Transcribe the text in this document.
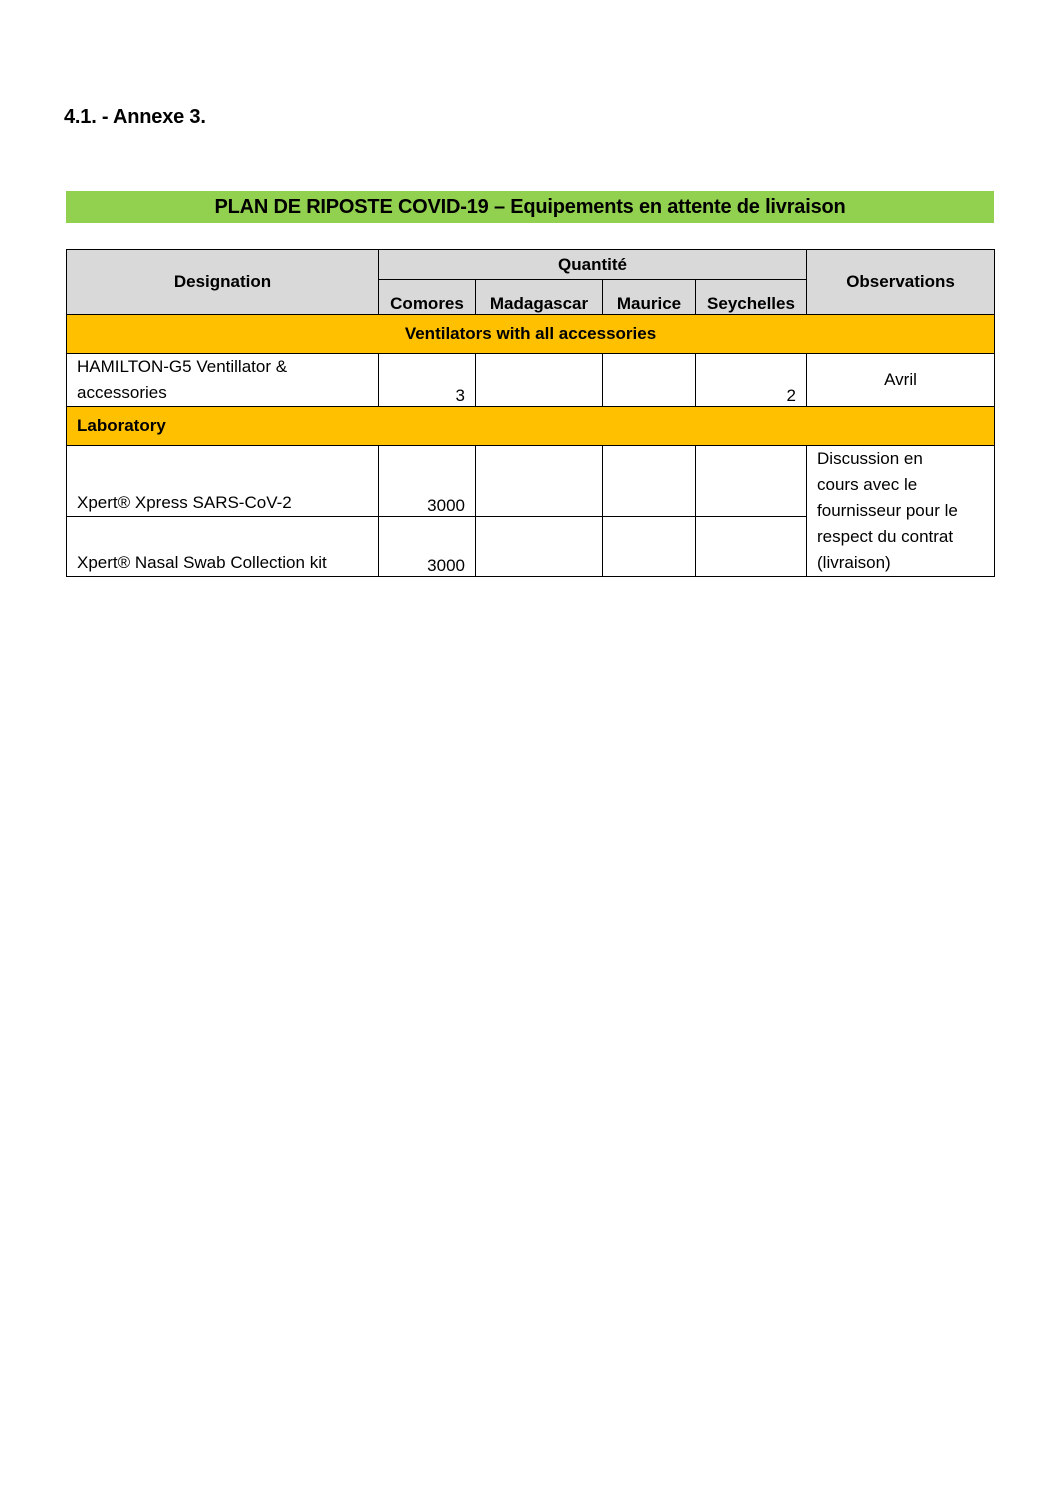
4.1. - Annexe 3.
PLAN DE RIPOSTE COVID-19 – Equipements en attente de livraison
Designation	Quantité				Observations
	Comores	Madagascar	Maurice	Seychelles	
Ventilators with all accessories					

HAMILTON-G5 Ventillator &
accessories	3			2	Avril
Laboratory					
Xpert® Xpress SARS-CoV-2	3000				Discussion en
cours avec le
fournisseur pour le
respect du contrat
(livraison)

Xpert® Nasal Swab Collection kit	3000				
